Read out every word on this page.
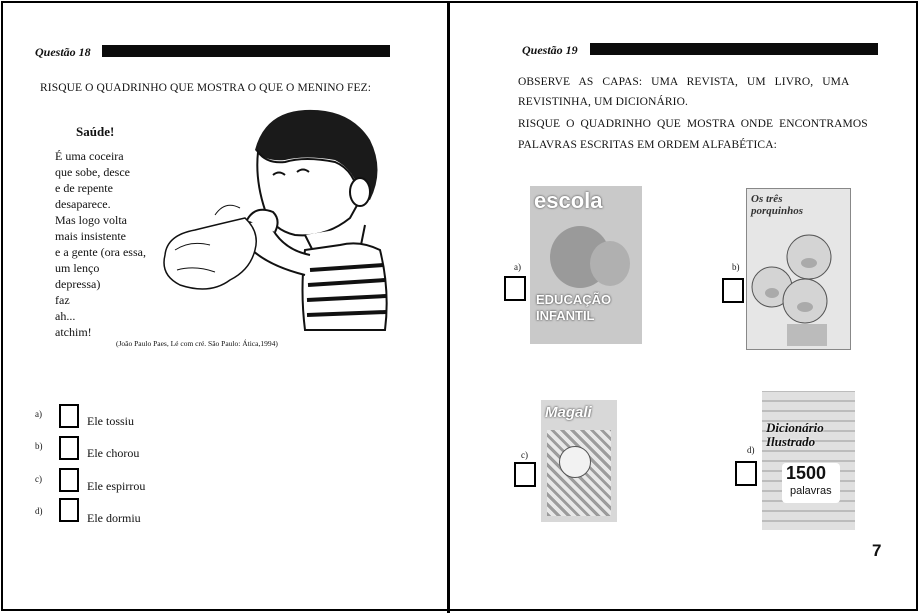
Questão 18
RISQUE O QUADRINHO QUE MOSTRA O QUE O MENINO FEZ:
Saúde!
É uma coceira
que sobe, desce
e de repente
desaparece.
Mas logo volta
mais insistente
e a gente (ora essa,
um lenço
depressa)
faz
ah...
atchim!
(João Paulo Paes, Lé com cré. São Paulo: Ática,1994)
a)	Ele tossiu
b)	Ele chorou
c)	Ele espirrou
d)	Ele dormiu
Questão 19
OBSERVE AS CAPAS: UMA REVISTA, UM LIVRO, UMA
REVISTINHA, UM DICIONÁRIO.
RISQUE O QUADRINHO QUE MOSTRA ONDE ENCONTRAMOS
PALAVRAS ESCRITAS EM ORDEM ALFABÉTICA:
a)
escola
EDUCAÇÃO INFANTIL
b)
Os três porquinhos
c)
Magali
d)
Dicionário Ilustrado
1500
palavras
7
